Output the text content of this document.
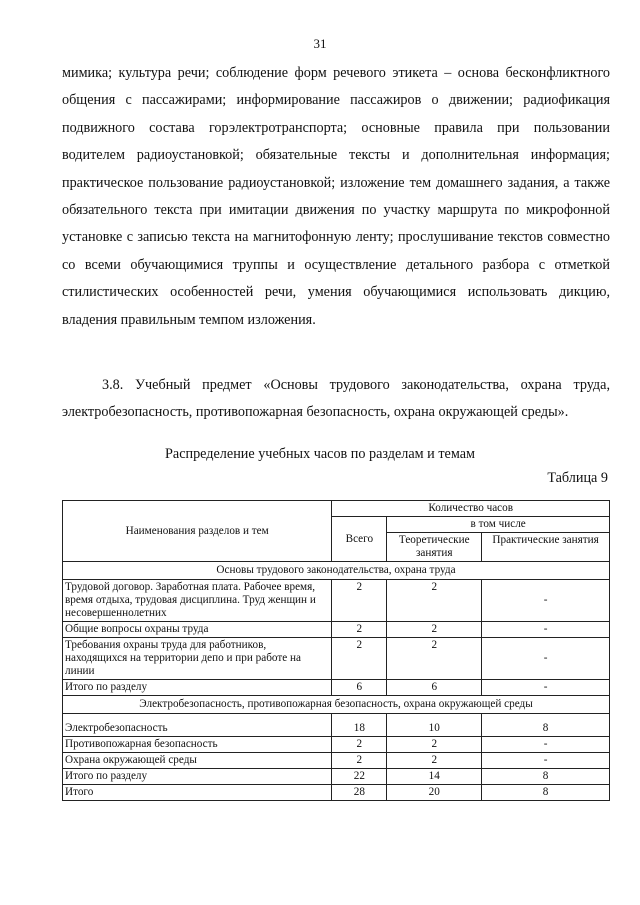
31

мимика; культура речи; соблюдение форм речевого этикета – основа бесконфликтного общения с пассажирами; информирование пассажиров о движении; радиофикация подвижного состава горэлектротранспорта; основные правила при пользовании водителем радиоустановкой; обязательные тексты и дополнительная информация; практическое пользование радиоустановкой; изложение тем домашнего задания, а также обязательного текста при имитации движения по участку маршрута по микрофонной установке с записью текста на магнитофонную ленту; прослушивание текстов совместно со всеми обучающимися труппы и осуществление детального разбора с отметкой стилистических особенностей речи, умения обучающимися использовать дикцию, владения правильным темпом изложения.

3.8. Учебный предмет «Основы трудового законодательства, охрана труда, электробезопасность, противопожарная безопасность, охрана окружающей среды».

Распределение учебных часов по разделам и темам
Таблица 9
Наименования разделов и тем	Количество часов		
	Всего	в том числе	
		Теоретические занятия	Практические занятия
Основы трудового законодательства, охрана труда			
Трудовой договор. Заработная плата. Рабочее время, время отдыха, трудовая дисциплина. Труд женщин и несовершеннолетних	2	2	-
Общие вопросы охраны труда	2	2	-
Требования охраны труда для работников, находящихся на территории депо и при работе на линии	2	2	-
Итого по разделу	6	6	-
Электробезопасность, противопожарная безопасность, охрана окружающей среды			
Электробезопасность	18	10	8
Противопожарная безопасность	2	2	-
Охрана окружающей среды	2	2	-
Итого по разделу	22	14	8
Итого	28	20	8
